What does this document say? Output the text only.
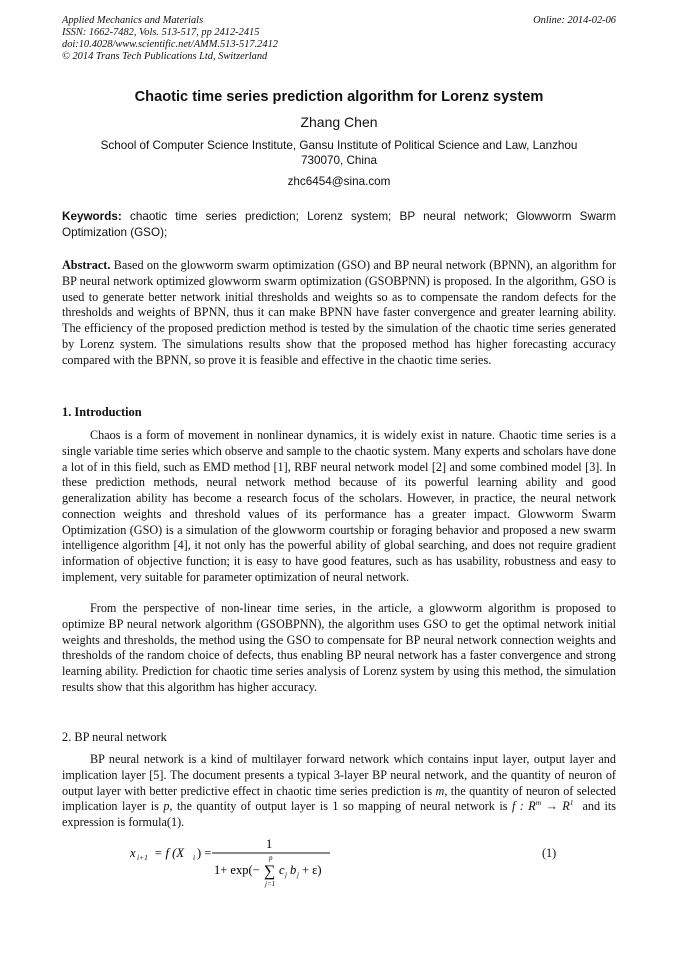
Applied Mechanics and Materials
ISSN: 1662-7482, Vols. 513-517, pp 2412-2415
doi:10.4028/www.scientific.net/AMM.513-517.2412
© 2014 Trans Tech Publications Ltd, Switzerland
Online: 2014-02-06
Chaotic time series prediction algorithm for Lorenz system
Zhang Chen
School of Computer Science Institute, Gansu Institute of Political Science and Law, Lanzhou
730070, China
zhc6454@sina.com
Keywords: chaotic time series prediction; Lorenz system; BP neural network; Glowworm Swarm Optimization (GSO);
Abstract. Based on the glowworm swarm optimization (GSO) and BP neural network (BPNN), an algorithm for BP neural network optimized glowworm swarm optimization (GSOBPNN) is proposed. In the algorithm, GSO is used to generate better network initial thresholds and weights so as to compensate the random defects for the thresholds and weights of BPNN, thus it can make BPNN have faster convergence and greater learning ability. The efficiency of the proposed prediction method is tested by the simulation of the chaotic time series generated by Lorenz system. The simulations results show that the proposed method has higher forecasting accuracy compared with the BPNN, so prove it is feasible and effective in the chaotic time series.
1. Introduction

Chaos is a form of movement in nonlinear dynamics, it is widely exist in nature. Chaotic time series is a single variable time series which observe and sample to the chaotic system. Many experts and scholars have done a lot of in this field, such as EMD method [1], RBF neural network model [2] and some combined model [3]. In these prediction methods, neural network method because of its powerful learning ability and good generalization ability has become a research focus of the scholars. However, in practice, the neural network connection weights and threshold values of its performance has a greater impact. Glowworm Swarm Optimization (GSO) is a simulation of the glowworm courtship or foraging behavior and proposed a new swarm intelligence algorithm [4], it not only has the powerful ability of global searching, and does not require gradient information of objective function; it is easy to have good features, such as has usability, robustness and easy to implement, very suitable for parameter optimization of neural network.

From the perspective of non-linear time series, in the article, a glowworm algorithm is proposed to optimize BP neural network algorithm (GSOBPNN), the algorithm uses GSO to get the optimal network initial weights and thresholds, the method using the GSO to compensate for BP neural network connection weights and thresholds of the random choice of defects, thus enabling BP neural network has a faster convergence and strong learning ability. Prediction for chaotic time series analysis of Lorenz system by using this method, the simulation results show that this algorithm has higher accuracy.

2. BP neural network

BP neural network is a kind of multilayer forward network which contains input layer, output layer and implication layer [5]. The document presents a typical 3-layer BP neural network, and the quantity of neuron of output layer with better predictive effect in chaotic time series prediction is m, the quantity of neuron of selected implication layer is p, the quantity of output layer is 1 so mapping of neural network is f : $R^m \to R^1$ and its expression is formula(1).

x i+1 = f (X i ) =
1
1+ exp(−
p
∑
j=1
c j b j + ε)
(1)
